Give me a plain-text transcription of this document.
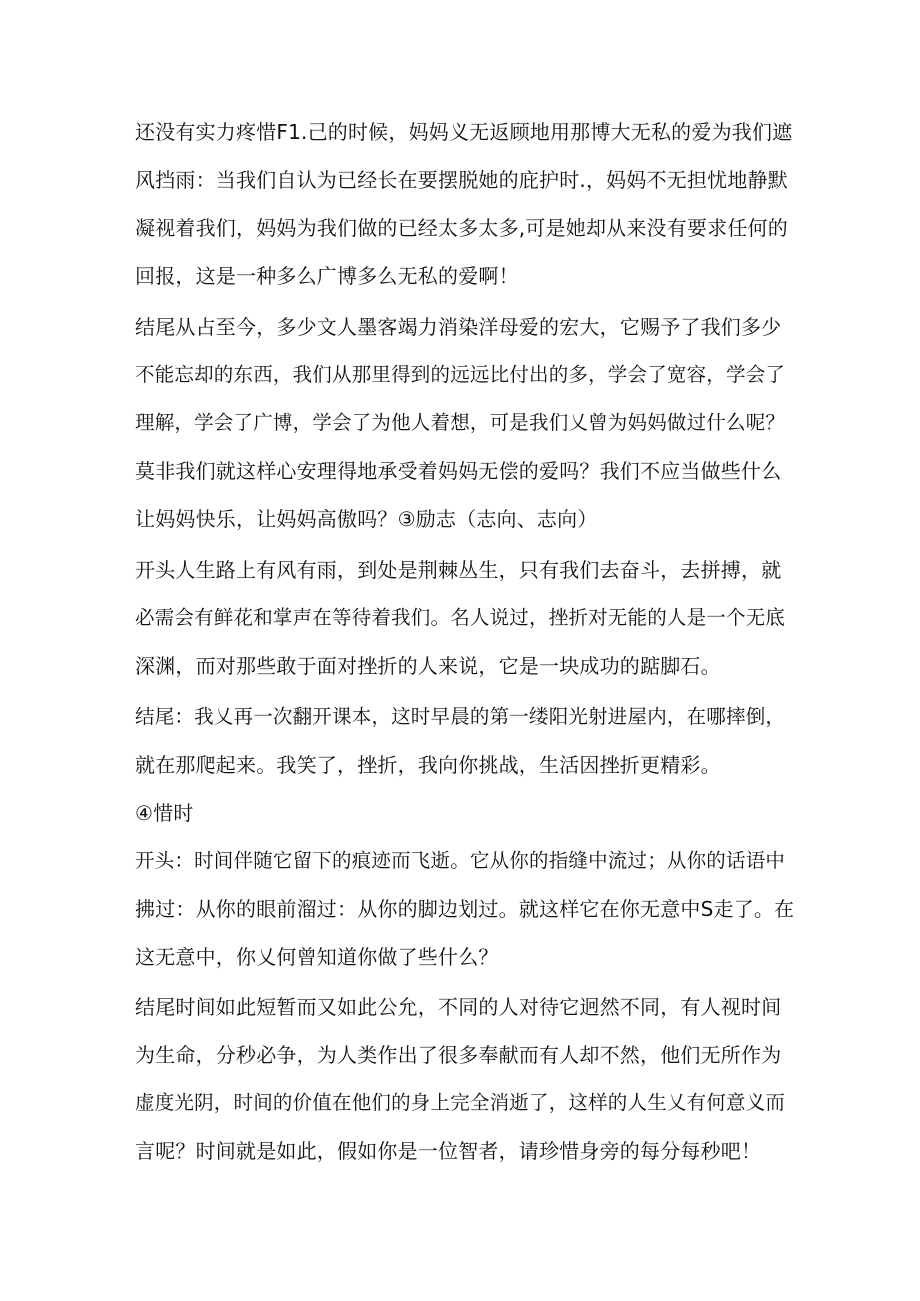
还没有实力疼惜F1.己的时候，妈妈义无返顾地用那博大无私的爱为我们遮
风挡雨：当我们自认为已经长在要摆脱她的庇护时.，妈妈不无担忧地静默
凝视着我们，妈妈为我们做的已经太多太多,可是她却从来没有要求任何的
回报，这是一种多么广博多么无私的爱啊！
结尾从占至今，多少文人墨客竭力消染洋母爱的宏大，它赐予了我们多少
不能忘却的东西，我们从那里得到的远远比付出的多，学会了宽容，学会了
理解，学会了广博，学会了为他人着想，可是我们乂曾为妈妈做过什么呢？
莫非我们就这样心安理得地承受着妈妈无偿的爱吗？我们不应当做些什么
让妈妈快乐，让妈妈高傲吗？③励志（志向、志向）
开头人生路上有风有雨，到处是荆棘丛生，只有我们去奋斗，去拼搏，就
必需会有鲜花和掌声在等待着我们。名人说过，挫折对无能的人是一个无底
深渊，而对那些敢于面对挫折的人来说，它是一块成功的踮脚石。
结尾：我乂再一次翻开课本，这时早晨的第一缕阳光射进屋内，在哪摔倒，
就在那爬起来。我笑了，挫折，我向你挑战，生活因挫折更精彩。
④惜时
开头：时间伴随它留下的痕迹而飞逝。它从你的指缝中流过；从你的话语中
拂过：从你的眼前溜过：从你的脚边划过。就这样它在你无意中S走了。在
这无意中，你乂何曾知道你做了些什么？
结尾时间如此短暂而又如此公允，不同的人对待它迥然不同，有人视时间
为生命，分秒必争，为人类作出了很多奉献而有人却不然，他们无所作为
虚度光阴，时间的价值在他们的身上完全消逝了，这样的人生乂有何意义而
言呢？时间就是如此，假如你是一位智者，请珍惜身旁的每分每秒吧！
